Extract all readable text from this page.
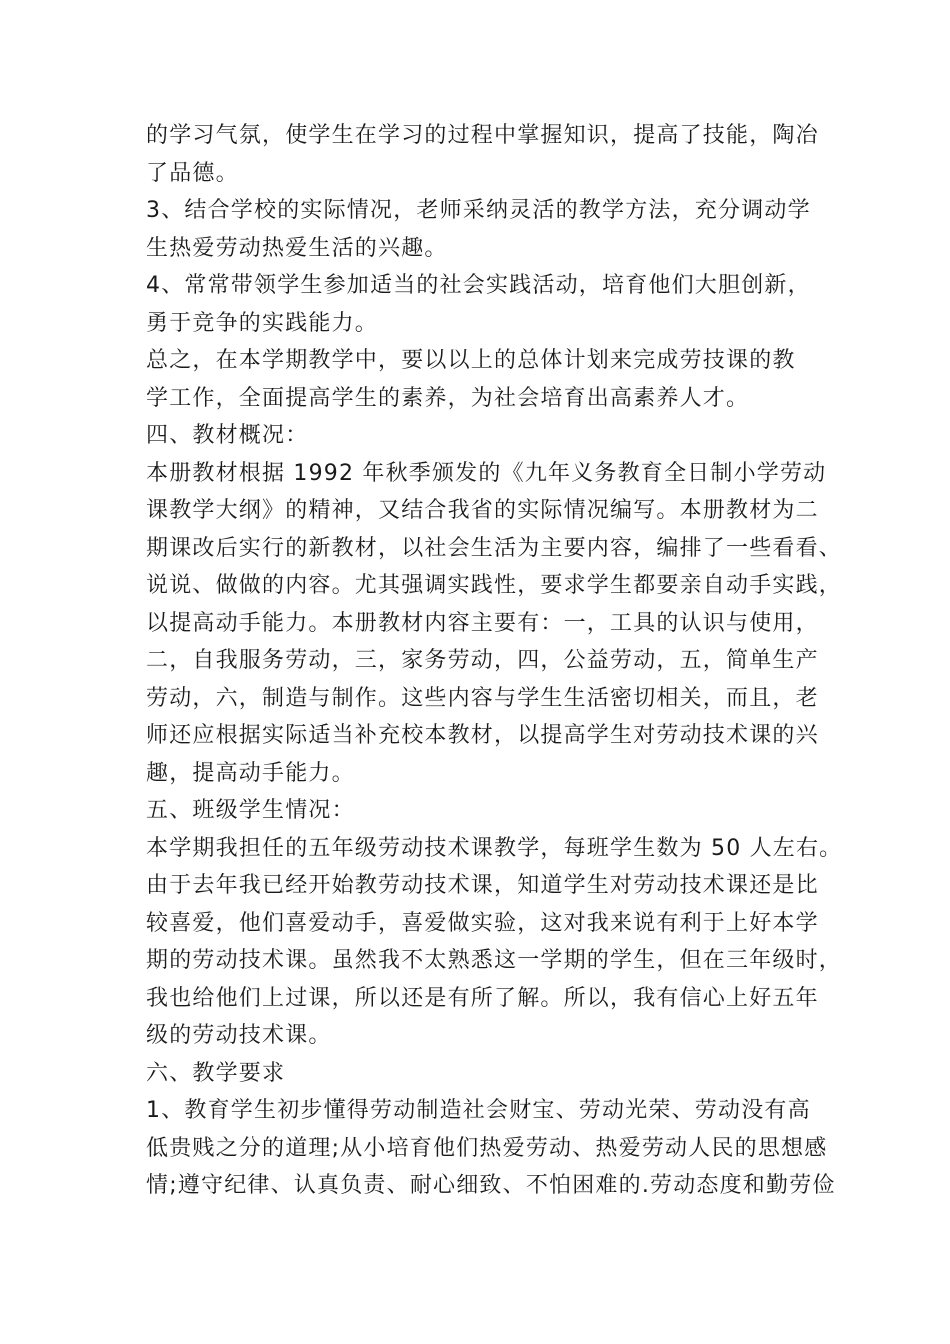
的学习气氛，使学生在学习的过程中掌握知识，提高了技能，陶冶
了品德。
3、结合学校的实际情况，老师采纳灵活的教学方法，充分调动学
生热爱劳动热爱生活的兴趣。
4、常常带领学生参加适当的社会实践活动，培育他们大胆创新，
勇于竞争的实践能力。
总之，在本学期教学中，要以以上的总体计划来完成劳技课的教
学工作，全面提高学生的素养，为社会培育出高素养人才。
四、教材概况：
本册教材根据 1992 年秋季颁发的《九年义务教育全日制小学劳动
课教学大纲》的精神，又结合我省的实际情况编写。本册教材为二
期课改后实行的新教材，以社会生活为主要内容，编排了一些看看、
说说、做做的内容。尤其强调实践性，要求学生都要亲自动手实践，
以提高动手能力。本册教材内容主要有：一，工具的认识与使用，
二，自我服务劳动，三，家务劳动，四，公益劳动，五，简单生产
劳动，六，制造与制作。这些内容与学生生活密切相关，而且，老
师还应根据实际适当补充校本教材，以提高学生对劳动技术课的兴
趣，提高动手能力。
五、班级学生情况：
本学期我担任的五年级劳动技术课教学，每班学生数为 50 人左右。
由于去年我已经开始教劳动技术课，知道学生对劳动技术课还是比
较喜爱，他们喜爱动手，喜爱做实验，这对我来说有利于上好本学
期的劳动技术课。虽然我不太熟悉这一学期的学生，但在三年级时，
我也给他们上过课，所以还是有所了解。所以，我有信心上好五年
级的劳动技术课。
六、教学要求
1、教育学生初步懂得劳动制造社会财宝、劳动光荣、劳动没有高
低贵贱之分的道理;从小培育他们热爱劳动、热爱劳动人民的思想感
情;遵守纪律、认真负责、耐心细致、不怕困难的.劳动态度和勤劳俭
